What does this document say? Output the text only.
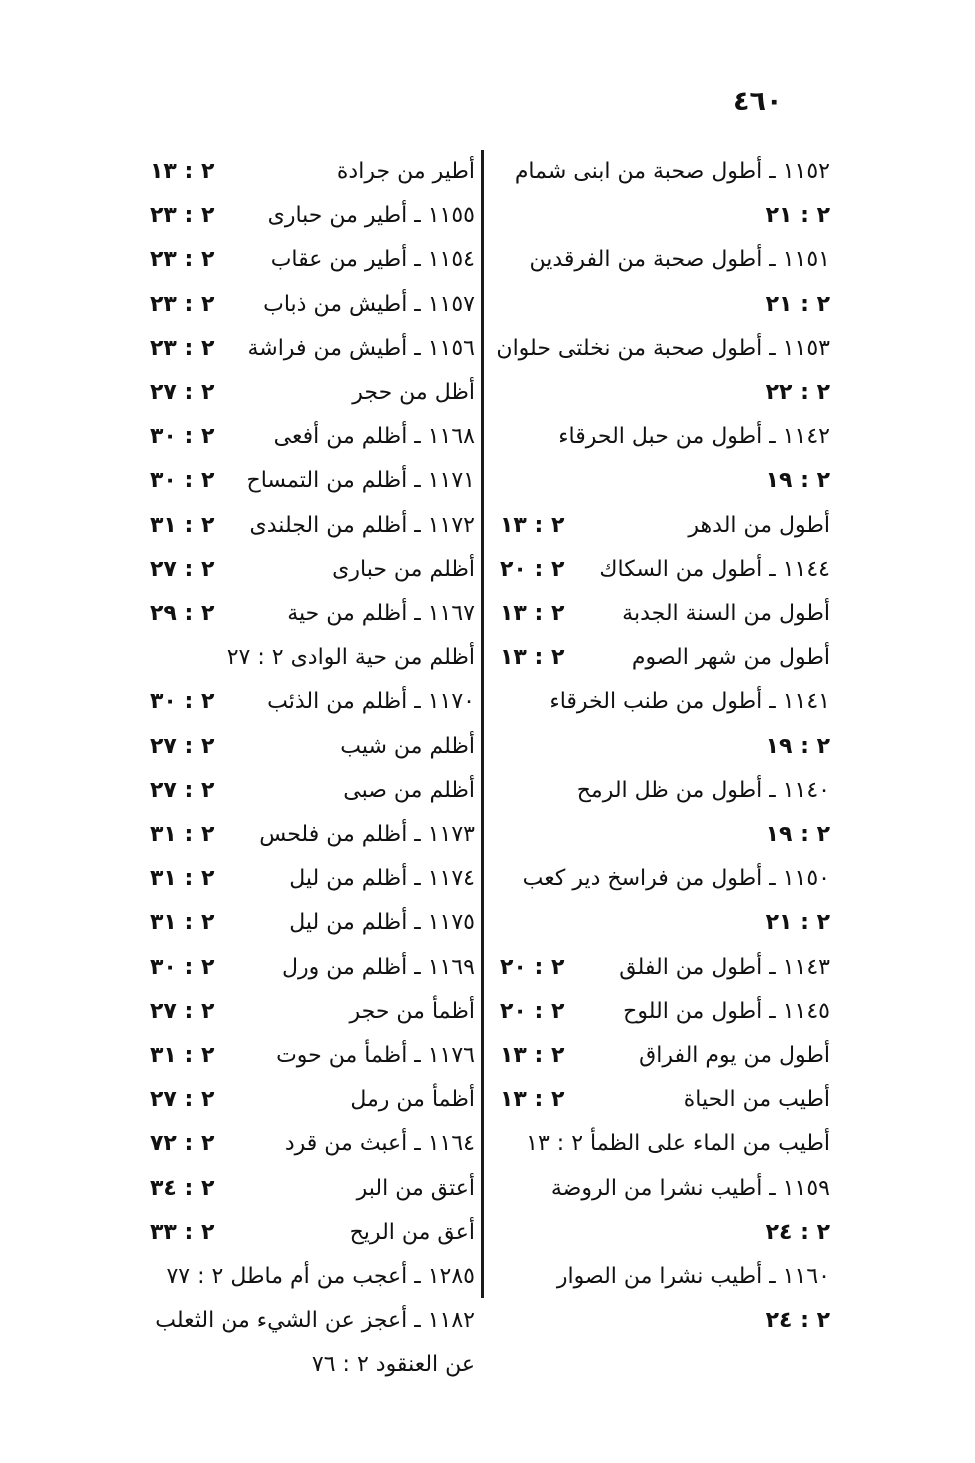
٤٦٠
١١٥٢ ـ أطول صحبة من ابنى شمام
٢ : ٢١
١١٥١ ـ أطول صحبة من الفرقدين
٢ : ٢١
١١٥٣ ـ أطول صحبة من نخلتى حلوان
٢ : ٢٢
١١٤٢ ـ أطول من حبل الحرقاء
٢ : ١٩
أطول من الدهر
٢ : ١٣
١١٤٤ ـ أطول من السكاك
٢ : ٢٠
أطول من السنة الجدبة
٢ : ١٣
أطول من شهر الصوم
٢ : ١٣
١١٤١ ـ أطول من طنب الخرقاء
٢ : ١٩
١١٤٠ ـ أطول من ظل الرمح
٢ : ١٩
١١٥٠ ـ أطول من فراسخ دير كعب
٢ : ٢١
١١٤٣ ـ أطول من الفلق
٢ : ٢٠
١١٤٥ ـ أطول من اللوح
٢ : ٢٠
أطول من يوم الفراق
٢ : ١٣
أطيب من الحياة
٢ : ١٣
أطيب من الماء على الظمأ ٢ : ١٣
١١٥٩ ـ أطيب نشرا من الروضة
٢ : ٢٤
١١٦٠ ـ أطيب نشرا من الصوار
٢ : ٢٤
أطير من جرادة
٢ : ١٣
١١٥٥ ـ أطير من حبارى
٢ : ٢٣
١١٥٤ ـ أطير من عقاب
٢ : ٢٣
١١٥٧ ـ أطيش من ذباب
٢ : ٢٣
١١٥٦ ـ أطيش من فراشة
٢ : ٢٣
أظل من حجر
٢ : ٢٧
١١٦٨ ـ أظلم من أفعى
٢ : ٣٠
١١٧١ ـ أظلم من التمساح
٢ : ٣٠
١١٧٢ ـ أظلم من الجلندى
٢ : ٣١
أظلم من حبارى
٢ : ٢٧
١١٦٧ ـ أظلم من حية
٢ : ٢٩
أظلم من حية الوادى ٢ : ٢٧
١١٧٠ ـ أظلم من الذئب
٢ : ٣٠
أظلم من شيب
٢ : ٢٧
أظلم من صبى
٢ : ٢٧
١١٧٣ ـ أظلم من فلحس
٢ : ٣١
١١٧٤ ـ أظلم من ليل
٢ : ٣١
١١٧٥ ـ أظلم من ليل
٢ : ٣١
١١٦٩ ـ أظلم من ورل
٢ : ٣٠
أظمأ من حجر
٢ : ٢٧
١١٧٦ ـ أظمأ من حوت
٢ : ٣١
أظمأ من رمل
٢ : ٢٧
١١٦٤ ـ أعبث من قرد
٢ : ٧٢
أعتق من البر
٢ : ٣٤
أعق من الريح
٢ : ٣٣
١٢٨٥ ـ أعجب من أم ماطل ٢ : ٧٧
١١٨٢ ـ أعجز عن الشيء من الثعلب
عن العنقود ٢ : ٧٦
